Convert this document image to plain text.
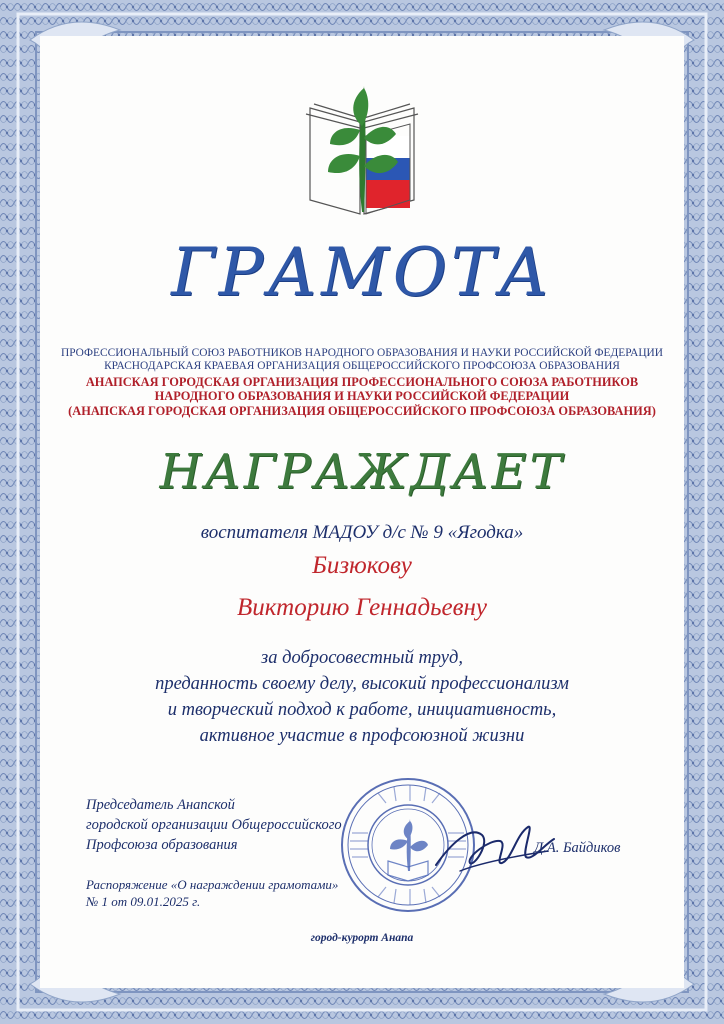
ГРАМОТА
ПРОФЕССИОНАЛЬНЫЙ СОЮЗ РАБОТНИКОВ НАРОДНОГО ОБРАЗОВАНИЯ И НАУКИ РОССИЙСКОЙ ФЕДЕРАЦИИ
КРАСНОДАРСКАЯ КРАЕВАЯ ОРГАНИЗАЦИЯ ОБЩЕРОССИЙСКОГО ПРОФСОЮЗА ОБРАЗОВАНИЯ
АНАПСКАЯ ГОРОДСКАЯ ОРГАНИЗАЦИЯ ПРОФЕССИОНАЛЬНОГО СОЮЗА РАБОТНИКОВ
НАРОДНОГО ОБРАЗОВАНИЯ И НАУКИ РОССИЙСКОЙ ФЕДЕРАЦИИ
(АНАПСКАЯ ГОРОДСКАЯ ОРГАНИЗАЦИЯ ОБЩЕРОССИЙСКОГО ПРОФСОЮЗА ОБРАЗОВАНИЯ)
НАГРАЖДАЕТ
воспитателя МАДОУ д/с № 9 «Ягодка»
Бизюкову
Викторию Геннадьевну
за добросовестный труд,
преданность своему делу, высокий профессионализм
и творческий подход к работе, инициативность,
активное участие в профсоюзной жизни
Председатель Анапской
городской организации Общероссийского
Профсоюза образования	Д.А. Байдиков
Распоряжение «О награждении грамотами»
№ 1 от 09.01.2025 г.
город-курорт Анапа
